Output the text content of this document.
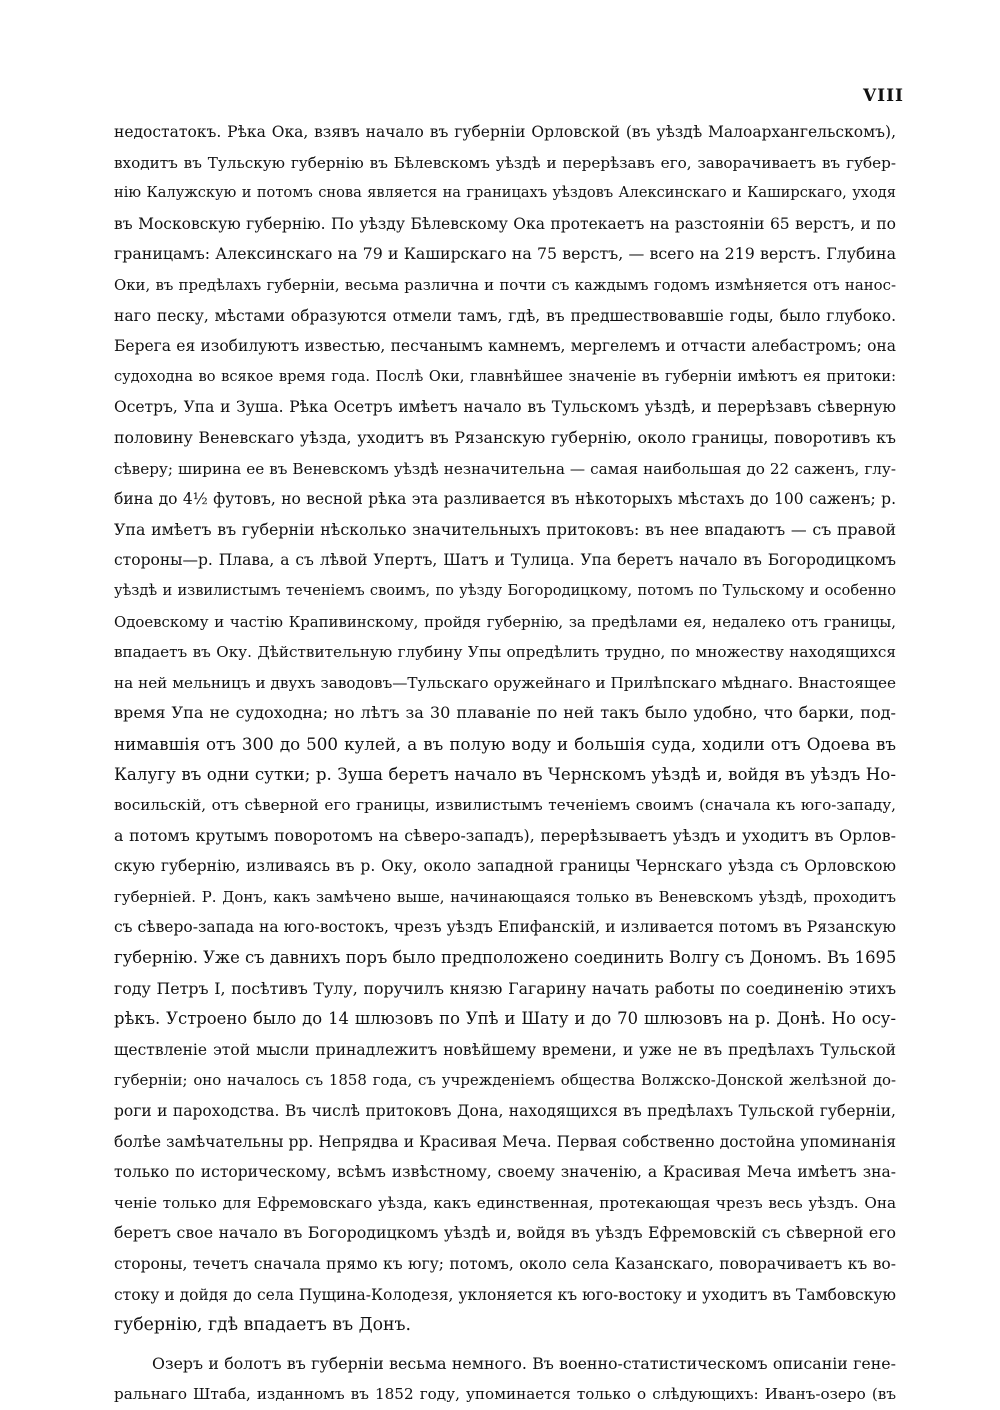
VIII
недостатокъ. Рѣка Ока, взявъ начало въ губерніи Орловской (въ уѣздѣ Малоархангельскомъ),
входитъ въ Тульскую губернію въ Бѣлевскомъ уѣздѣ и перерѣзавъ его, заворачиваетъ въ губер-
нію Калужскую и потомъ снова является на границахъ уѣздовъ Алексинскаго и Каширскаго, уходя
въ Московскую губернію. По уѣзду Бѣлевскому Ока протекаетъ на разстояніи 65 верстъ, и по
границамъ: Алексинскаго на 79 и Каширскаго на 75 верстъ, — всего на 219 верстъ. Глубина
Оки, въ предѣлахъ губерніи, весьма различна и почти съ каждымъ годомъ измѣняется отъ нанос-
наго песку, мѣстами образуются отмели тамъ, гдѣ, въ предшествовавшіе годы, было глубоко.
Берега ея изобилуютъ известью, песчанымъ камнемъ, мергелемъ и отчасти алебастромъ; она
судоходна во всякое время года. Послѣ Оки, главнѣйшее значеніе въ губерніи имѣютъ ея притоки:
Осетръ, Упа и Зуша. Рѣка Осетръ имѣетъ начало въ Тульскомъ уѣздѣ, и перерѣзавъ сѣверную
половину Веневскаго уѣзда, уходитъ въ Рязанскую губернію, около границы, поворотивъ къ
сѣверу; ширина ее въ Веневскомъ уѣздѣ незначительна — самая наибольшая до 22 саженъ, глу-
бина до 4½ футовъ, но весной рѣка эта разливается въ нѣкоторыхъ мѣстахъ до 100 саженъ; р.
Упа имѣетъ въ губерніи нѣсколько значительныхъ притоковъ: въ нее впадаютъ — съ правой
стороны—р. Плава, а съ лѣвой Упертъ, Шатъ и Тулица. Упа беретъ начало въ Богородицкомъ
уѣздѣ и извилистымъ теченіемъ своимъ, по уѣзду Богородицкому, потомъ по Тульскому и особенно
Одоевскому и частію Крапивинскому, пройдя губернію, за предѣлами ея, недалеко отъ границы,
впадаетъ въ Оку. Дѣйствительную глубину Упы опредѣлить трудно, по множеству находящихся
на ней мельницъ и двухъ заводовъ—Тульскаго оружейнаго и Прилѣпскаго мѣднаго. Внастоящее
время Упа не судоходна; но лѣтъ за 30 плаваніе по ней такъ было удобно, что барки, под-
нимавшія отъ 300 до 500 кулей, а въ полую воду и большія суда, ходили отъ Одоева въ
Калугу въ одни сутки; р. Зуша беретъ начало въ Чернскомъ уѣздѣ и, войдя въ уѣздъ Но-
восильскій, отъ сѣверной его границы, извилистымъ теченіемъ своимъ (сначала къ юго-западу,
а потомъ крутымъ поворотомъ на сѣверо-западъ), перерѣзываетъ уѣздъ и уходитъ въ Орлов-
скую губернію, изливаясь въ р. Оку, около западной границы Чернскаго уѣзда съ Орловскою
губерніей. Р. Донъ, какъ замѣчено выше, начинающаяся только въ Веневскомъ уѣздѣ, проходитъ
съ сѣверо-запада на юго-востокъ, чрезъ уѣздъ Епифанскій, и изливается потомъ въ Рязанскую
губернію. Уже съ давнихъ поръ было предположено соединить Волгу съ Дономъ. Въ 1695
году Петръ I, посѣтивъ Тулу, поручилъ князю Гагарину начать работы по соединенію этихъ
рѣкъ. Устроено было до 14 шлюзовъ по Упѣ и Шату и до 70 шлюзовъ на р. Донѣ. Но осу-
ществленіе этой мысли принадлежитъ новѣйшему времени, и уже не въ предѣлахъ Тульской
губерніи; оно началось съ 1858 года, съ учрежденіемъ общества Волжско-Донской желѣзной до-
роги и пароходства. Въ числѣ притоковъ Дона, находящихся въ предѣлахъ Тульской губерніи,
болѣе замѣчательны рр. Непрядва и Красивая Меча. Первая собственно достойна упоминанія
только по историческому, всѣмъ извѣстному, своему значенію, а Красивая Меча имѣетъ зна-
ченіе только для Ефремовскаго уѣзда, какъ единственная, протекающая чрезъ весь уѣздъ. Она
беретъ свое начало въ Богородицкомъ уѣздѣ и, войдя въ уѣздъ Ефремовскій съ сѣверной его
стороны, течетъ сначала прямо къ югу; потомъ, около села Казанскаго, поворачиваетъ къ во-
стоку и дойдя до села Пущина-Колодезя, уклоняется къ юго-востоку и уходитъ въ Тамбовскую
губернію, гдѣ впадаетъ въ Донъ.
Озеръ и болотъ въ губерніи весьма немного. Въ военно-статистическомъ описаніи гене-
ральнаго Штаба, изданномъ въ 1852 году, упоминается только о слѣдующихъ: Иванъ-озеро (въ
